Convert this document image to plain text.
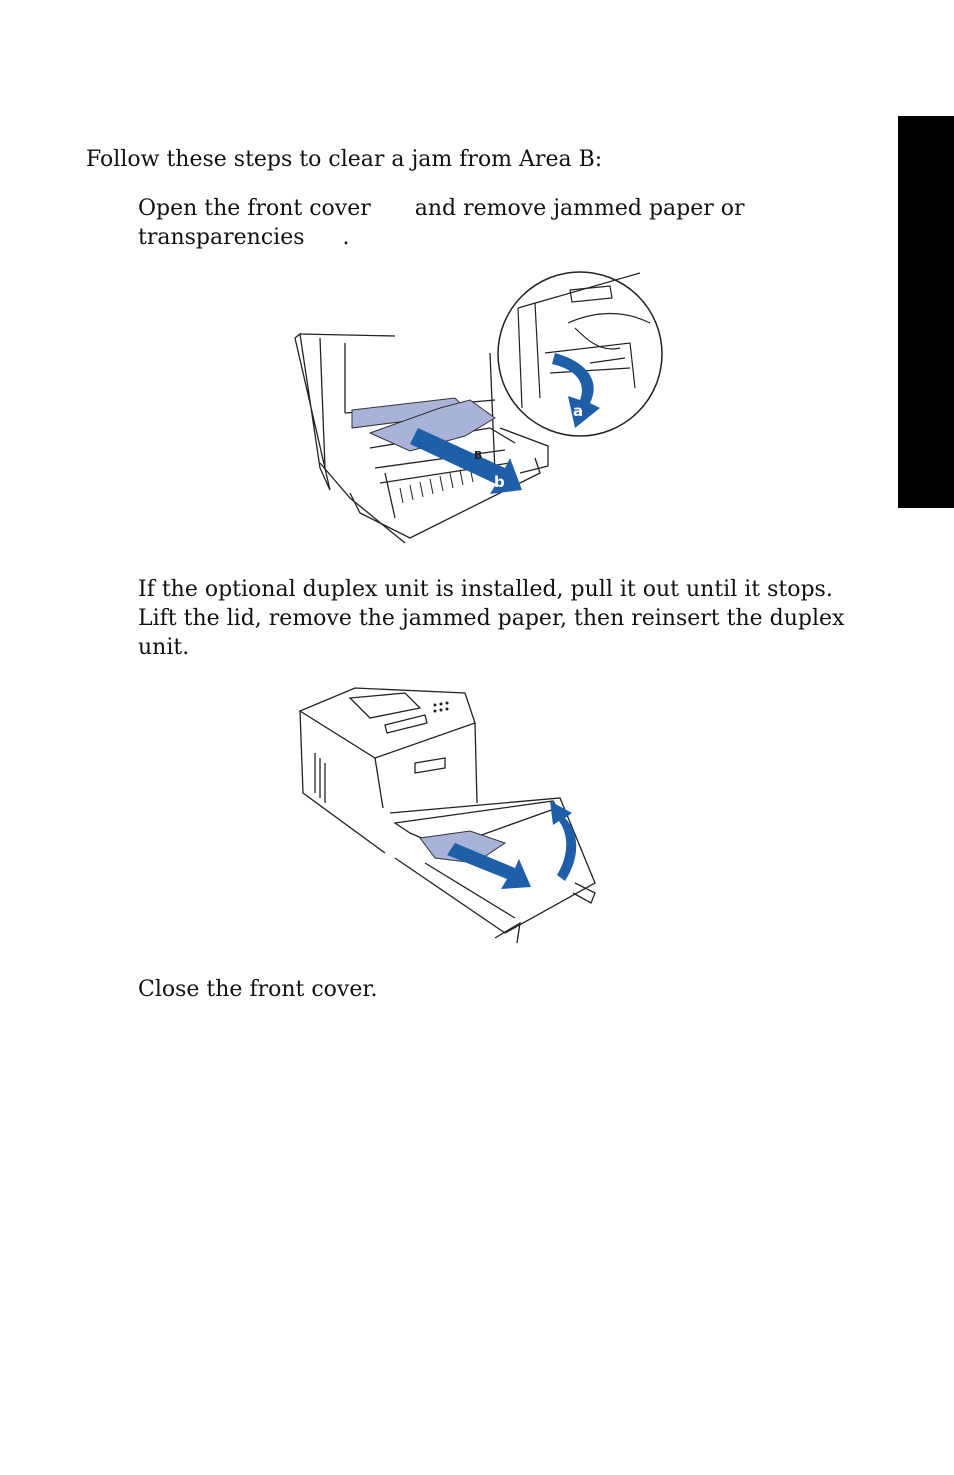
Follow these steps to clear a jam from Area B:
Open the front cover and remove jammed paper or
transparencies .
b
B
a
If the optional duplex unit is installed, pull it out until it stops.
Lift the lid, remove the jammed paper, then reinsert the duplex
unit.
Close the front cover.
